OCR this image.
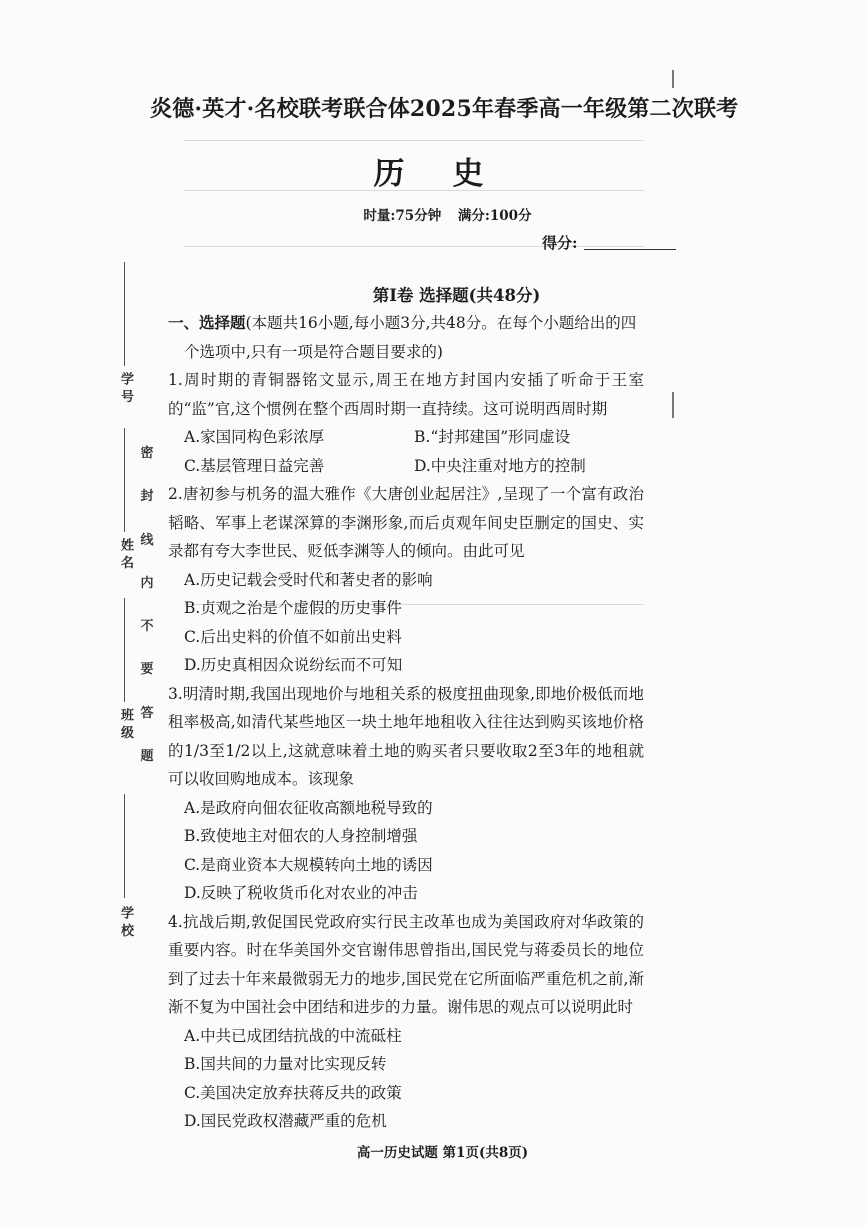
炎德·英才·名校联考联合体2025年春季高一年级第二次联考
历史
时量:75分钟 满分:100分
得分:
第Ⅰ卷 选择题(共48分)

一、选择题(本题共16小题,每小题3分,共48分。在每个小题给出的四

个选项中,只有一项是符合题目要求的)

1.周时期的青铜器铭文显示,周王在地方封国内安插了听命于王室的“监”官,这个惯例在整个西周时期一直持续。这可说明西周时期

A.家国同构色彩浓厚	B.“封邦建国”形同虚设
C.基层管理日益完善	D.中央注重对地方的控制

2.唐初参与机务的温大雅作《大唐创业起居注》,呈现了一个富有政治韬略、军事上老谋深算的李渊形象,而后贞观年间史臣删定的国史、实录都有夸大李世民、贬低李渊等人的倾向。由此可见

A.历史记载会受时代和著史者的影响
B.贞观之治是个虚假的历史事件
C.后出史料的价值不如前出史料
D.历史真相因众说纷纭而不可知

3.明清时期,我国出现地价与地租关系的极度扭曲现象,即地价极低而地租率极高,如清代某些地区一块土地年地租收入往往达到购买该地价格的1/3至1/2以上,这就意味着土地的购买者只要收取2至3年的地租就可以收回购地成本。该现象

A.是政府向佃农征收高额地税导致的
B.致使地主对佃农的人身控制增强
C.是商业资本大规模转向土地的诱因
D.反映了税收货币化对农业的冲击

4.抗战后期,敦促国民党政府实行民主改革也成为美国政府对华政策的重要内容。时在华美国外交官谢伟思曾指出,国民党与蒋委员长的地位到了过去十年来最微弱无力的地步,国民党在它所面临严重危机之前,渐渐不复为中国社会中团结和进步的力量。谢伟思的观点可以说明此时

A.中共已成团结抗战的中流砥柱
B.国共间的力量对比实现反转
C.美国决定放弃扶蒋反共的政策
D.国民党政权潜藏严重的危机
学 号
姓 名
班 级
学 校
密
封
线
内
不
要
答
题
高一历史试题 第1页(共8页)
